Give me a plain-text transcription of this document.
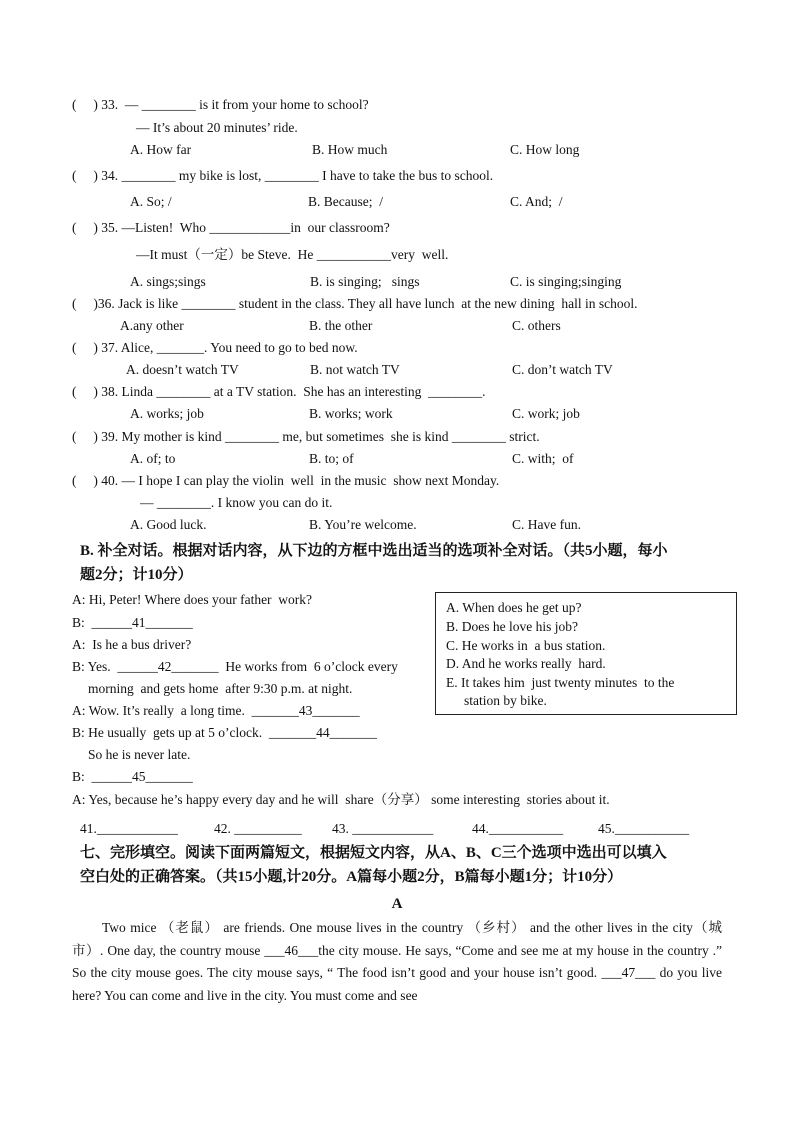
(     ) 33.  — ________ is it from your home to school?
— It’s about 20 minutes’ ride.
A. How far	B. How much	C. How long
(     ) 34. ________ my bike is lost, ________ I have to take the bus to school.
A. So; /	B. Because;  /	C. And;  /
(     ) 35. —Listen!  Who ____________in  our classroom?
—It must（一定）be Steve.  He ___________very  well.
A. sings;sings	B. is singing;   sings	C. is singing;singing
(     )36. Jack is like ________ student in the class. They all have lunch  at the new dining  hall in school.
A.any other	B. the other	C. others
(     ) 37. Alice, _______. You need to go to bed now.
A. doesn’t watch TV	B. not watch TV	C. don’t watch TV
(     ) 38. Linda ________ at a TV station.  She has an interesting  ________.
A. works; job	B. works; work	C. work; job
(     ) 39. My mother is kind ________ me, but sometimes  she is kind ________ strict.
A. of; to	B. to; of	C. with;  of
(     ) 40. — I hope I can play the violin  well  in the music  show next Monday.
— ________. I know you can do it.
A. Good luck.	B. You’re welcome.	C. Have fun.
B. 补全对话。根据对话内容，从下边的方框中选出适当的选项补全对话。（共5小题，每小
题2分；计10分）
A: Hi, Peter! Where does your father  work?
B:  ______41_______
A:  Is he a bus driver?
B: Yes.  ______42_______  He works from  6 o’clock every
morning  and gets home  after 9:30 p.m. at night.
A: Wow. It’s really  a long time.  _______43_______
B: He usually  gets up at 5 o’clock.  _______44_______
So he is never late.
B:  ______45_______
A: Yes, because he’s happy every day and he will  share（分享） some interesting  stories about it.
A. When does he get up?
B. Does he love his job?
C. He works in  a bus station.
D. And he works really  hard.
E. It takes him  just twenty minutes  to the
station by bike.
41.____________	42. __________ 43. ____________	44.___________	45.___________
七、完形填空。阅读下面两篇短文，根据短文内容，从A、B、C三个选项中选出可以填入
空白处的正确答案。（共15小题,计20分。A篇每小题2分，B篇每小题1分；计10分）
A
Two mice （老鼠） are friends. One mouse lives in the country （乡村） and the other lives in the city（城市）. One day, the country mouse ___46___the city mouse. He says, “Come and see me at my house in the country .” So the city mouse goes. The city mouse says, “ The food isn’t good and your house isn’t good. ___47___ do you live here? You can come and live in the city. You must come and see
